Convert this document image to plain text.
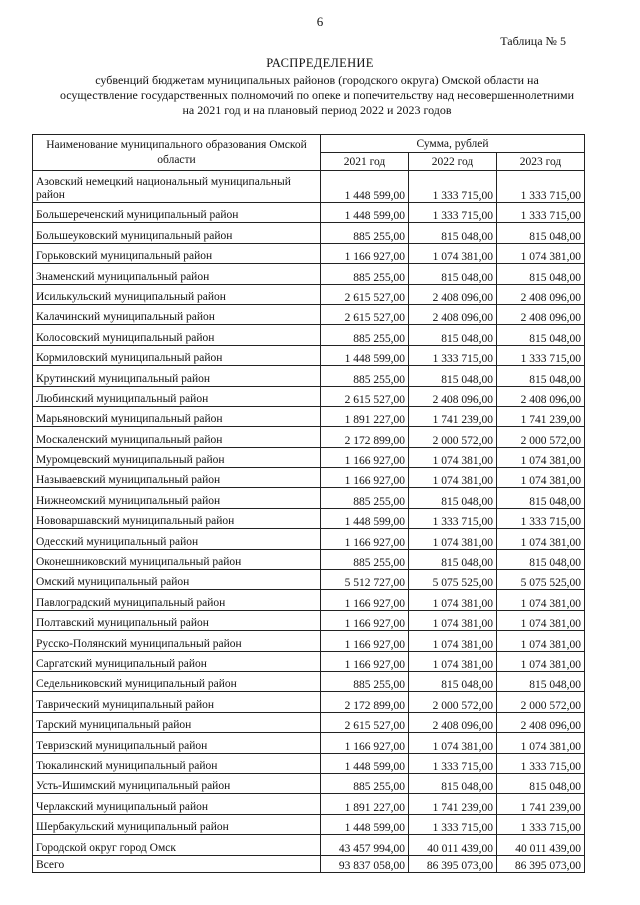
6
Таблица № 5
РАСПРЕДЕЛЕНИЕ
субвенций бюджетам муниципальных районов (городского округа) Омской области на
осуществление государственных полномочий по опеке и попечительству над несовершеннолетними
на 2021 год и на плановый период 2022 и 2023 годов
Наименование муниципального образования Омской области	Сумма, рублей		
	2021 год	2022 год	2023 год
Азовский немецкий национальный муниципальный район	1 448 599,00	1 333 715,00	1 333 715,00
Большереченский муниципальный район	1 448 599,00	1 333 715,00	1 333 715,00
Большеуковский муниципальный район	885 255,00	815 048,00	815 048,00
Горьковский муниципальный район	1 166 927,00	1 074 381,00	1 074 381,00
Знаменский муниципальный район	885 255,00	815 048,00	815 048,00
Исилькульский муниципальный район	2 615 527,00	2 408 096,00	2 408 096,00
Калачинский муниципальный район	2 615 527,00	2 408 096,00	2 408 096,00
Колосовский муниципальный район	885 255,00	815 048,00	815 048,00
Кормиловский муниципальный район	1 448 599,00	1 333 715,00	1 333 715,00
Крутинский муниципальный район	885 255,00	815 048,00	815 048,00
Любинский муниципальный район	2 615 527,00	2 408 096,00	2 408 096,00
Марьяновский муниципальный район	1 891 227,00	1 741 239,00	1 741 239,00
Москаленский муниципальный район	2 172 899,00	2 000 572,00	2 000 572,00
Муромцевский муниципальный район	1 166 927,00	1 074 381,00	1 074 381,00
Называевский муниципальный район	1 166 927,00	1 074 381,00	1 074 381,00
Нижнеомский муниципальный район	885 255,00	815 048,00	815 048,00
Нововаршавский муниципальный район	1 448 599,00	1 333 715,00	1 333 715,00
Одесский муниципальный район	1 166 927,00	1 074 381,00	1 074 381,00
Оконешниковский муниципальный район	885 255,00	815 048,00	815 048,00
Омский муниципальный район	5 512 727,00	5 075 525,00	5 075 525,00
Павлоградский муниципальный район	1 166 927,00	1 074 381,00	1 074 381,00
Полтавский муниципальный район	1 166 927,00	1 074 381,00	1 074 381,00
Русско-Полянский муниципальный район	1 166 927,00	1 074 381,00	1 074 381,00
Саргатский муниципальный район	1 166 927,00	1 074 381,00	1 074 381,00
Седельниковский муниципальный район	885 255,00	815 048,00	815 048,00
Таврический муниципальный район	2 172 899,00	2 000 572,00	2 000 572,00
Тарский муниципальный район	2 615 527,00	2 408 096,00	2 408 096,00
Тевризский муниципальный район	1 166 927,00	1 074 381,00	1 074 381,00
Тюкалинский муниципальный район	1 448 599,00	1 333 715,00	1 333 715,00
Усть-Ишимский муниципальный район	885 255,00	815 048,00	815 048,00
Черлакский муниципальный район	1 891 227,00	1 741 239,00	1 741 239,00
Шербакульский муниципальный район	1 448 599,00	1 333 715,00	1 333 715,00
Городской округ город Омск	43 457 994,00	40 011 439,00	40 011 439,00
Всего	93 837 058,00	86 395 073,00	86 395 073,00
